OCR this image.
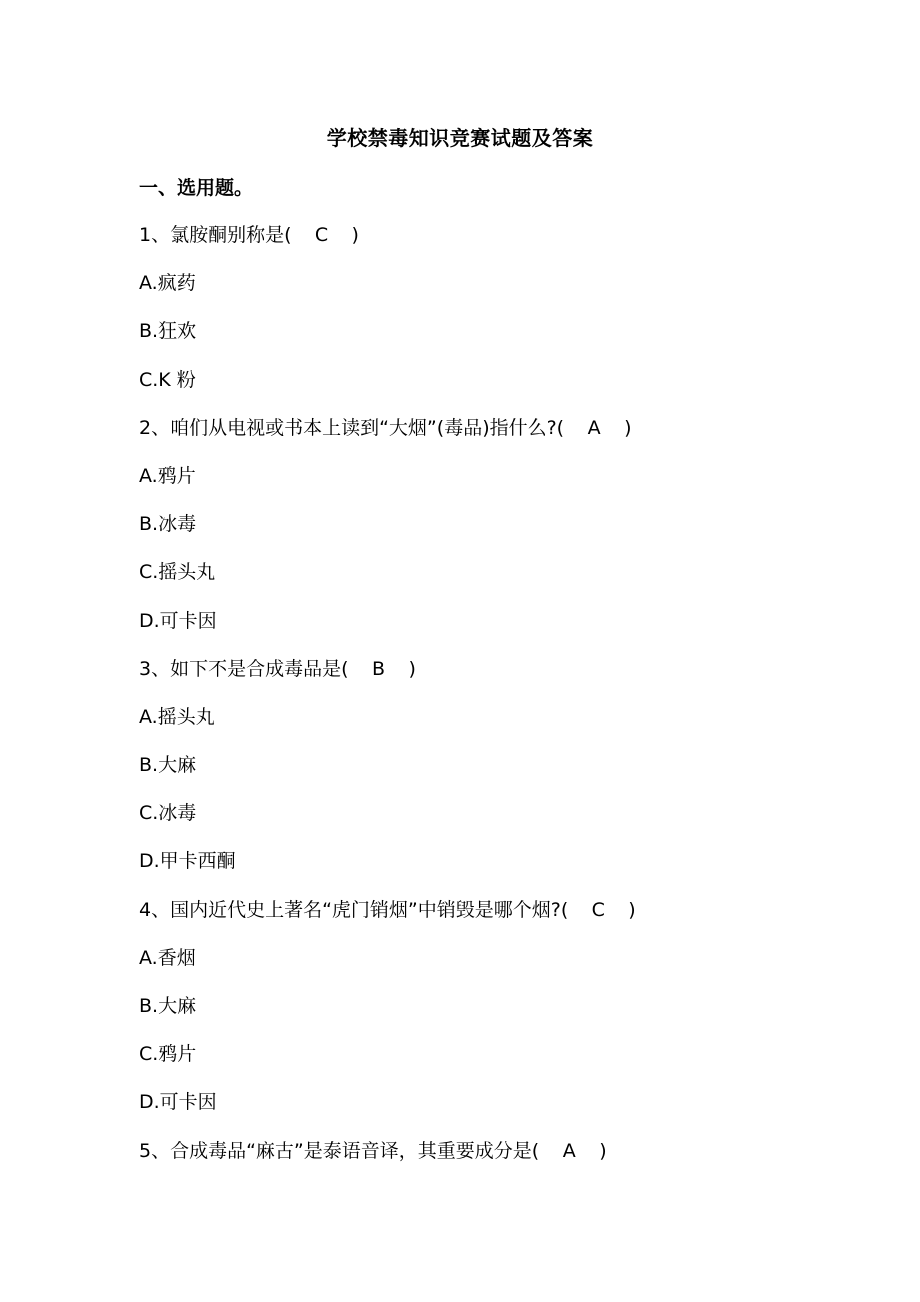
学校禁毒知识竞赛试题及答案
一、选用题。
1、氯胺酮别称是( C )
A.疯药
B.狂欢
C.K 粉
2、咱们从电视或书本上读到“大烟”(毒品)指什么?( A )
A.鸦片
B.冰毒
C.摇头丸
D.可卡因
3、如下不是合成毒品是( B )
A.摇头丸
B.大麻
C.冰毒
D.甲卡西酮
4、国内近代史上著名“虎门销烟”中销毁是哪个烟?( C )
A.香烟
B.大麻
C.鸦片
D.可卡因
5、合成毒品“麻古”是泰语音译，其重要成分是( A )
